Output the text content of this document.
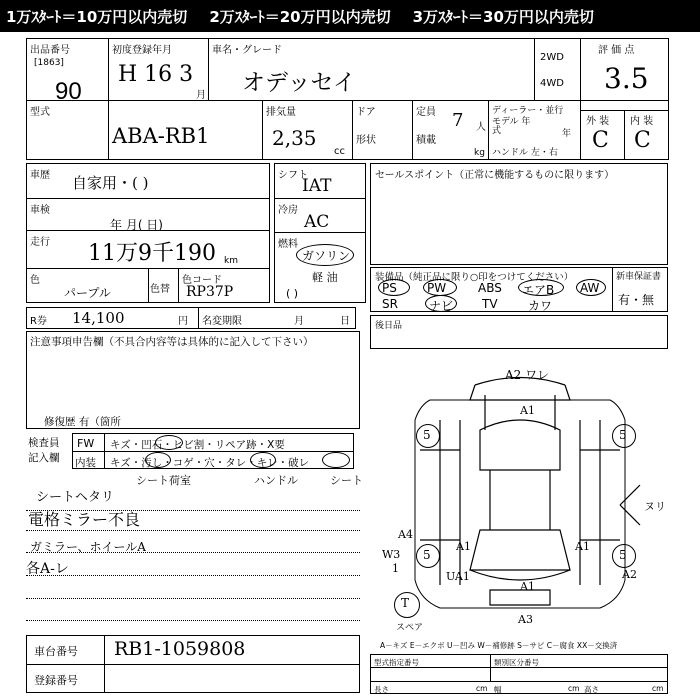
1万ｽﾀｰﾄ＝10万円以内売切 2万ｽﾀｰﾄ＝20万円以内売切 3万ｽﾀｰﾄ＝30万円以内売切
出品番号
[1863]
90
初度登録年月
H 16 3
月
車名・グレード
オデッセイ
2WD
4WD
評 価 点
3.5
型式
ABA-RB1
排気量
2,35
cc
ドア
形状
定員 7 人
積載
kg
ディーラー・並行
モデル 年式	年
ハンドル 左・右
外 装 内 装
C C
車歴 自家用・( )
車検
年 月( 日)
走行 11万9千190 km
色
パープル	色替
色コード
RP37P
シフト
IAT
冷房
AC
燃料
ガソリン
軽 油
( )
セールスポイント（正常に機能するものに限ります）
装備品（純正品に限り○印をつけてください）	新車保証書
有・無
PS	PW	ABS エアB AW
SR	ナビ TV	カワ
R券 14,100	円 名変期限	月	日
注意事項申告欄（不具合内容等は具体的に記入して下さい）
修復歴 有（箇所
後日品
検査員 記入欄
FW キズ・凹石・ヒビ割・リペア跡・X要
内装 キズ・汚し・コゲ・穴・タレ・キレ・破レ
シート荷室	ハンドル	シート
シートヘタリ
電格ミラー不良
ガミラー、ホイールA
各A-レ
A2 ワレ
A1
5	5
A1
A4
W3
1
5
A1
UA1
A1
5
A2
A3
ヌリ
T
スペア
A－キズ E－エクボ U－凹み W－補修跡 S－サビ C－腐食 XX－交換済
車台番号 RB1-1059808
登録番号
型式指定番号	類別区分番号
長さ	cm 幅	cm 高さ	cm
